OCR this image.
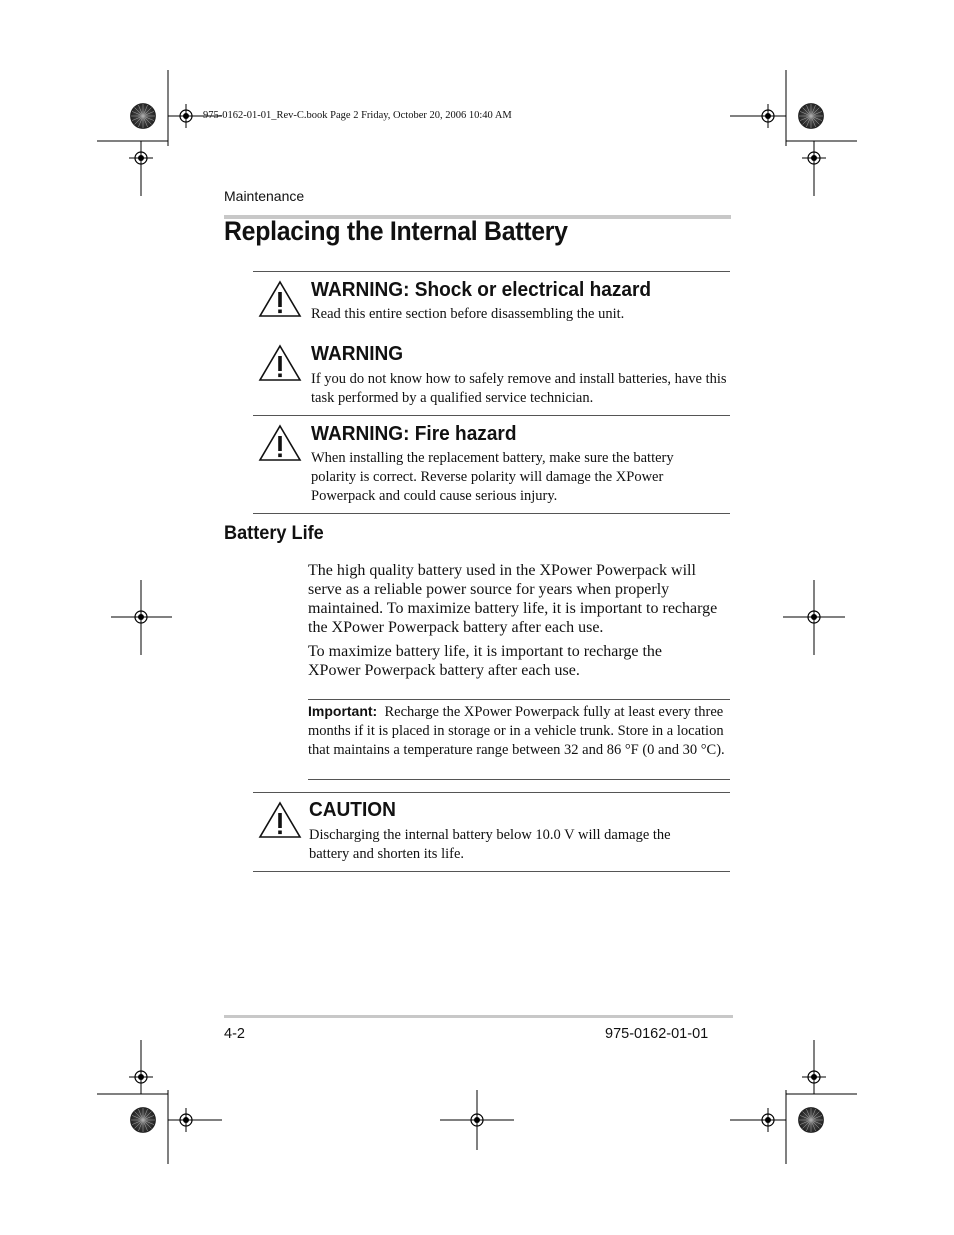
975-0162-01-01_Rev-C.book Page 2 Friday, October 20, 2006 10:40 AM
Maintenance
Replacing the Internal Battery
WARNING: Shock or electrical hazard
Read this entire section before disassembling the unit.
WARNING
If you do not know how to safely remove and install batteries, have this task performed by a qualified service technician.
WARNING: Fire hazard
When installing the replacement battery, make sure the battery polarity is correct. Reverse polarity will damage the XPower Powerpack and could cause serious injury.
Battery Life

The high quality battery used in the XPower Powerpack will serve as a reliable power source for years when properly maintained. To maximize battery life, it is important to recharge the XPower Powerpack battery after each use.

To maximize battery life, it is important to recharge the XPower Powerpack battery after each use.

Important: Recharge the XPower Powerpack fully at least every three months if it is placed in storage or in a vehicle trunk. Store in a location that maintains a temperature range between 32 and 86 °F (0 and 30 °C).
CAUTION
Discharging the internal battery below 10.0 V will damage the battery and shorten its life.
4-2	975-0162-01-01
